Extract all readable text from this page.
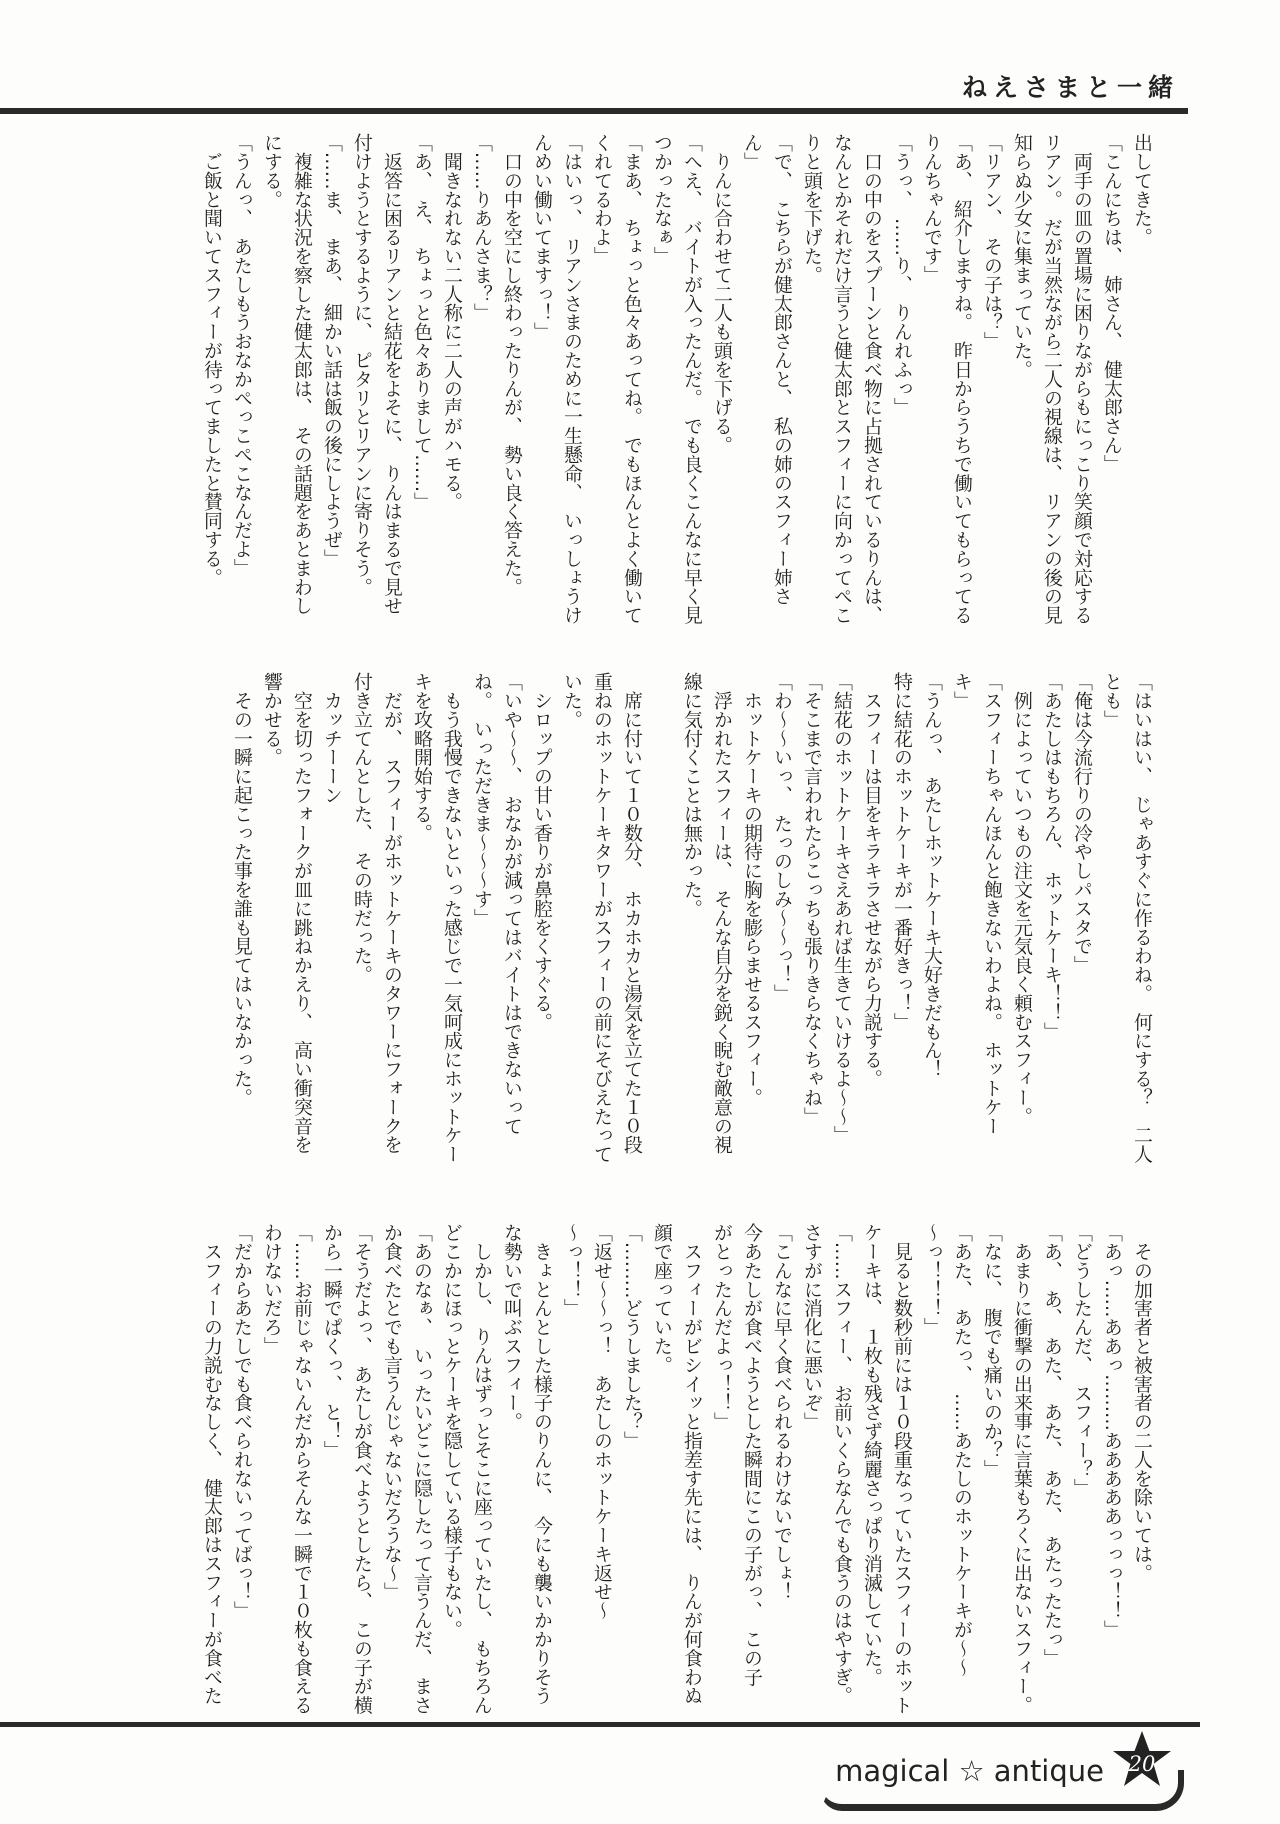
ねえさまと一緒
出してきた。
「こんにちは、　姉さん、　健太郎さん」
　両手の皿の置場に困りながらもにっこり笑顔で対応する
リアン。　だが当然ながら二人の視線は、　リアンの後の見
知らぬ少女に集まっていた。
「リアン、　その子は？」
「あ、　紹介しますね。　昨日からうちで働いてもらってる
りんちゃんです」
「うっ、　……り、　りんれふっ」
　口の中のをスプーンと食べ物に占拠されているりんは、
なんとかそれだけ言うと健太郎とスフィーに向かってぺこ
りと頭を下げた。
「で、　こちらが健太郎さんと、　私の姉のスフィー姉さ
ん」
　りんに合わせて二人も頭を下げる。
「へえ、　バイトが入ったんだ。　でも良くこんなに早く見
つかったなぁ」
「まあ、　ちょっと色々あってね。　でもほんとよく働いて
くれてるわよ」
「はいっ、　リアンさまのために一生懸命、　いっしょうけ
んめい働いてますっ！」
　口の中を空にし終わったりんが、　勢い良く答えた。
「……りあんさま？」
　聞きなれない二人称に二人の声がハモる。
「あ、　え、　ちょっと色々ありまして……」
　返答に困るリアンと結花をよそに、　りんはまるで見せ
付けようとするように、　ピタリとリアンに寄りそう。
「……ま、　まあ、　細かい話は飯の後にしようぜ」
　複雑な状況を察した健太郎は、　その話題をあとまわし
にする。
「うんっ、　あたしもうおなかぺっこぺこなんだよ」
　ご飯と聞いてスフィーが待ってましたと賛同する。
「はいはい、　じゃあすぐに作るわね。　何にする？　二人
とも」
「俺は今流行りの冷やしパスタで」
「あたしはもちろん、　ホットケーキ！！」
　例によっていつもの注文を元気良く頼むスフィー。
「スフィーちゃんほんと飽きないわよね。　ホットケー
キ」
「うんっ、　あたしホットケーキ大好きだもん！
特に結花のホットケーキが一番好きっ！」
　スフィーは目をキラキラさせながら力説する。
「結花のホットケーキさえあれば生きていけるよ～～」
「そこまで言われたらこっちも張りきらなくちゃね」
「わ～～いっ、　たっのしみ～～っ！」
　ホットケーキの期待に胸を膨らませるスフィー。
　浮かれたスフィーは、　そんな自分を鋭く睨む敵意の視
線に気付くことは無かった。

　席に付いて１０数分、　ホカホカと湯気を立てた１０段
重ねのホットケーキタワーがスフィーの前にそびえたって
いた。
　シロップの甘い香りが鼻腔をくすぐる。
「いや～～、　おなかが減ってはバイトはできないって
ね。　いっただきま～～～す」
　もう我慢できないといった感じで一気呵成にホットケー
キを攻略開始する。
　だが、　スフィーがホットケーキのタワーにフォークを
付き立てんとした、　その時だった。
　カッチーーン
　空を切ったフォークが皿に跳ねかえり、　高い衝突音を
響かせる。
　その一瞬に起こった事を誰も見てはいなかった。
　その加害者と被害者の二人を除いては。
「あっ……ああっ………あああああっっっ！！」
「どうしたんだ、　スフィー？」
「あ、　あ、　あた、　あた、　あた、　あたったたっ」
　あまりに衝撃の出来事に言葉もろくに出ないスフィー。
「なに、　腹でも痛いのか？」
「あた、　あたっ、　……あたしのホットケーキが～～
～っ！！！」
　見ると数秒前には１０段重なっていたスフィーのホット
ケーキは、　１枚も残さず綺麗さっぱり消滅していた。
「……スフィー、　お前いくらなんでも食うのはやすぎ。
さすがに消化に悪いぞ」
「こんなに早く食べられるわけないでしょ！
今あたしが食べようとした瞬間にこの子がっ、　この子
がとったんだよっ！！」
　スフィーがビシイッと指差す先には、　りんが何食わぬ
顔で座っていた。
「………どうしました？」
「返せ～～っ！　あたしのホットケーキ返せ～
～っ！！」
　きょとんとした様子のりんに、　今にも襲いかかりそう
な勢いで叫ぶスフィー。
　しかし、　りんはずっとそこに座っていたし、　もちろん
どこかにほっとケーキを隠している様子もない。
「あのなぁ、　いったいどこに隠したって言うんだ、　まさ
か食べたとでも言うんじゃないだろうな～」
「そうだよっ、　あたしが食べようとしたら、　この子が横
から一瞬でぱくっ、　と！」
「……お前じゃないんだからそんな一瞬で１０枚も食える
わけないだろ」
「だからあたしでも食べられないってばっ！」
　スフィーの力説むなしく、　健太郎はスフィーが食べた
magical ☆ antique 20
